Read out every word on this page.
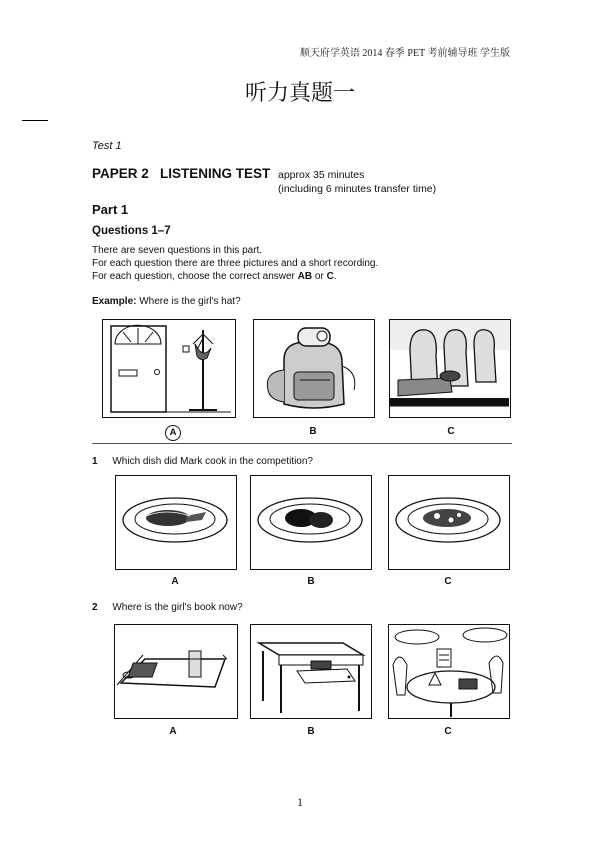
顺天府学英语 2014 春季 PET 考前辅导班 学生版
听力真题一
Test 1
PAPER 2 LISTENING TEST approx 35 minutes
(including 6 minutes transfer time)
Part 1
Questions 1–7
There are seven questions in this part.
For each question there are three pictures and a short recording.
For each question, choose the correct answer AB or C.
Example: Where is the girl's hat?
A	B	C
1 Which dish did Mark cook in the competition?
A	B	C
2 Where is the girl's book now?
A	B	C
1
